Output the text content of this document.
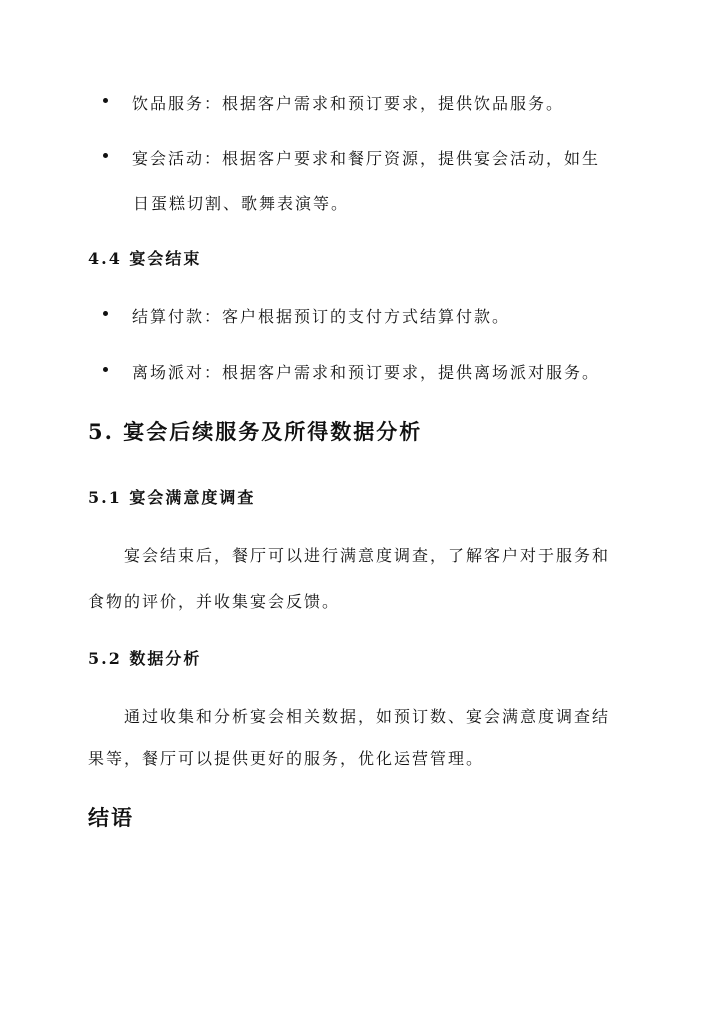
饮品服务：根据客户需求和预订要求，提供饮品服务。
宴会活动：根据客户要求和餐厅资源，提供宴会活动，如生
日蛋糕切割、歌舞表演等。
4.4 宴会结束
结算付款：客户根据预订的支付方式结算付款。
离场派对：根据客户需求和预订要求，提供离场派对服务。
5. 宴会后续服务及所得数据分析
5.1 宴会满意度调查
宴会结束后，餐厅可以进行满意度调查，了解客户对于服务和
食物的评价，并收集宴会反馈。
5.2 数据分析
通过收集和分析宴会相关数据，如预订数、宴会满意度调查结
果等，餐厅可以提供更好的服务，优化运营管理。
结语
